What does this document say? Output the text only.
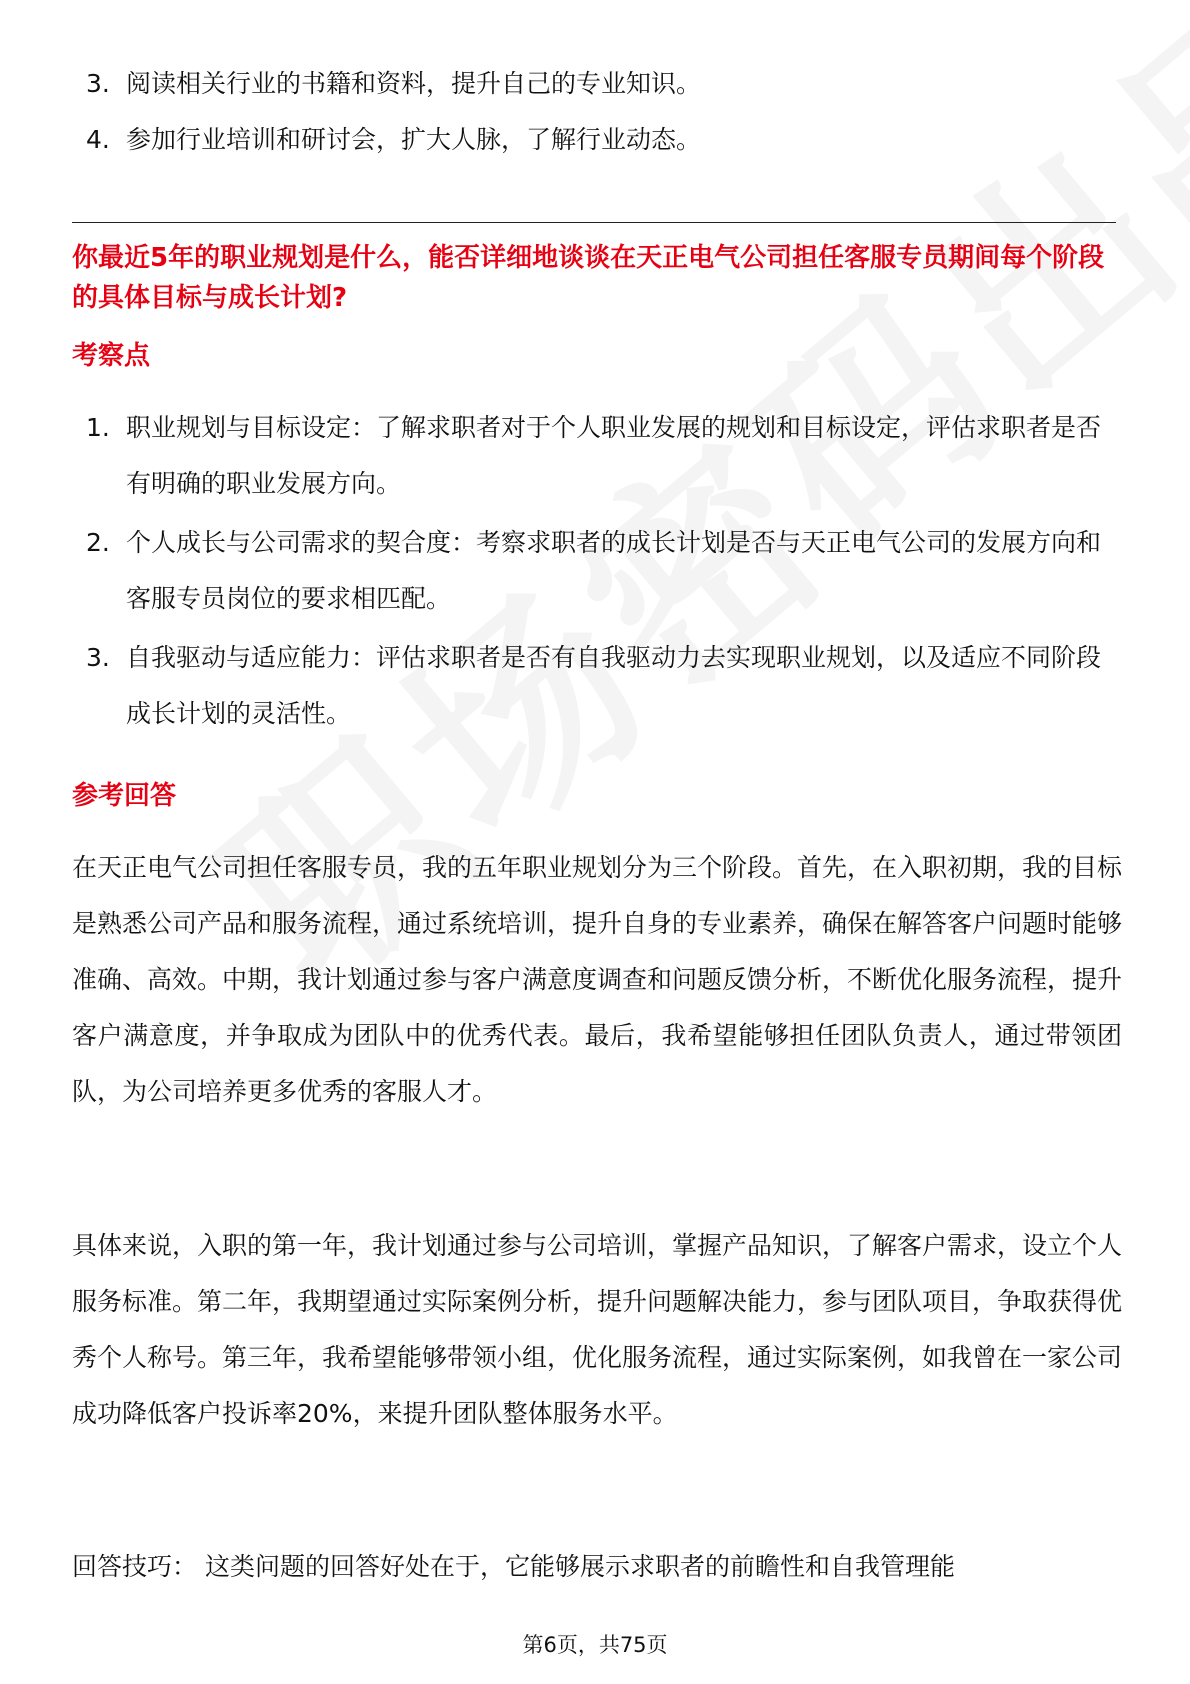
3. 阅读相关行业的书籍和资料，提升自己的专业知识。
4. 参加行业培训和研讨会，扩大人脉，了解行业动态。
你最近5年的职业规划是什么，能否详细地谈谈在天正电气公司担任客服专员期间每个阶段的具体目标与成长计划?
考察点
1. 职业规划与目标设定：了解求职者对于个人职业发展的规划和目标设定，评估求职者是否有明确的职业发展方向。
2. 个人成长与公司需求的契合度：考察求职者的成长计划是否与天正电气公司的发展方向和客服专员岗位的要求相匹配。
3. 自我驱动与适应能力：评估求职者是否有自我驱动力去实现职业规划，以及适应不同阶段成长计划的灵活性。
参考回答

在天正电气公司担任客服专员，我的五年职业规划分为三个阶段。首先，在入职初期，我的目标是熟悉公司产品和服务流程，通过系统培训，提升自身的专业素养，确保在解答客户问题时能够准确、高效。中期，我计划通过参与客户满意度调查和问题反馈分析，不断优化服务流程，提升客户满意度，并争取成为团队中的优秀代表。最后，我希望能够担任团队负责人，通过带领团队，为公司培养更多优秀的客服人才。

具体来说，入职的第一年，我计划通过参与公司培训，掌握产品知识，了解客户需求，设立个人服务标准。第二年，我期望通过实际案例分析，提升问题解决能力，参与团队项目，争取获得优秀个人称号。第三年，我希望能够带领小组，优化服务流程，通过实际案例，如我曾在一家公司成功降低客户投诉率20%，来提升团队整体服务水平。

回答技巧： 这类问题的回答好处在于，它能够展示求职者的前瞻性和自我管理能

第6页，共75页
